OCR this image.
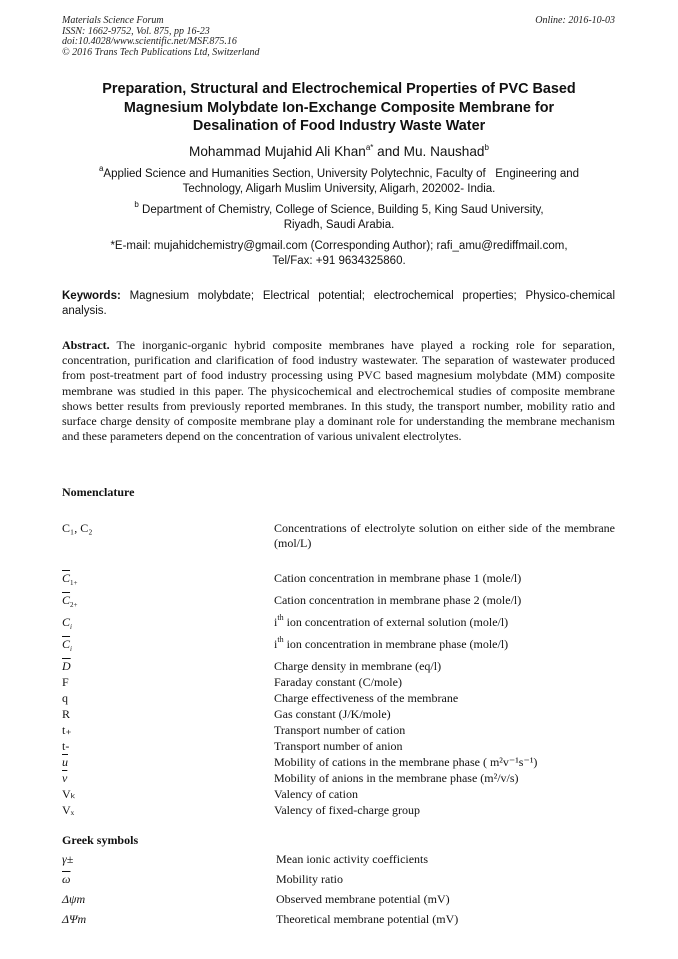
Materials Science Forum
ISSN: 1662-9752, Vol. 875, pp 16-23
doi:10.4028/www.scientific.net/MSF.875.16
© 2016 Trans Tech Publications Ltd, Switzerland
Online: 2016-10-03
Preparation, Structural and Electrochemical Properties of PVC Based
Magnesium Molybdate Ion-Exchange Composite Membrane for
Desalination of Food Industry Waste Water
Mohammad Mujahid Ali Khan$^{a*}$ and Mu. Naushad$^b$
$^a$Applied Science and Humanities Section, University Polytechnic, Faculty of   Engineering and
Technology, Aligarh Muslim University, Aligarh, 202002- India.
$^b$ Department of Chemistry, College of Science, Building 5, King Saud University,
Riyadh, Saudi Arabia.
*E-mail: mujahidchemistry@gmail.com (Corresponding Author); rafi_amu@rediffmail.com,
Tel/Fax: +91 9634325860.
Keywords: Magnesium molybdate; Electrical potential; electrochemical properties; Physico-chemical analysis.
Abstract. The inorganic-organic hybrid composite membranes have played a rocking role for separation, concentration, purification and clarification of food industry wastewater. The separation of wastewater produced from post-treatment part of food industry processing using PVC based magnesium molybdate (MM) composite membrane was studied in this paper. The physicochemical and electrochemical studies of composite membrane shows better results from previously reported membranes. In this study, the transport number, mobility ratio and surface charge density of composite membrane play a dominant role for understanding the membrane mechanism and these parameters depend on the concentration of various univalent electrolytes.
Nomenclature
C₁, C₂	Concentrations of electrolyte solution on either side of the membrane (mol/L)
$\overline{C}_{1+}$	Cation concentration in membrane phase 1 (mole/l)
$\overline{C}_{2+}$	Cation concentration in membrane phase 2 (mole/l)
$C_i$	$i^{th}$ ion concentration of external solution (mole/l)
$\overline{C}_i$	$i^{th}$ ion concentration in membrane phase (mole/l)
$\overline{D}$	Charge density in membrane (eq/l)
F	Faraday constant (C/mole)
q	Charge effectiveness of the membrane
R	Gas constant (J/K/mole)
t₊	Transport number of cation
t-	Transport number of anion
$\overline{u}$	Mobility of cations in the membrane phase ( m²v⁻¹s⁻¹)
$\overline{v}$	Mobility of anions in the membrane phase (m²/v/s)
Vₖ	Valency of cation
Vₓ	Valency of fixed-charge group
Greek symbols
γ±	Mean ionic activity coefficients
$\overline{\omega}$	Mobility ratio
Δψm	Observed membrane potential (mV)
ΔΨm	Theoretical membrane potential (mV)
